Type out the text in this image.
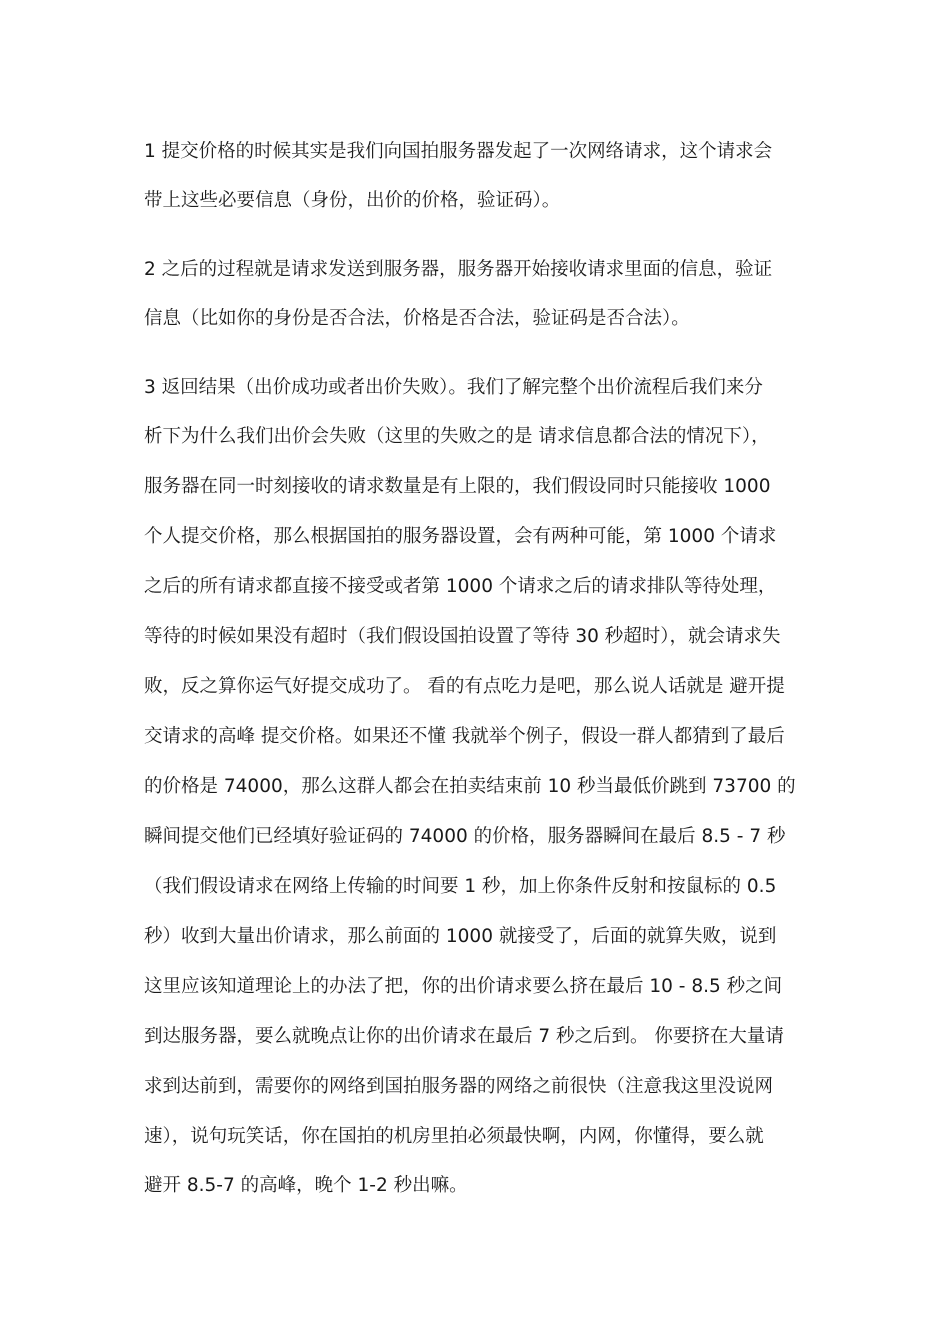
1 提交价格的时候其实是我们向国拍服务器发起了一次网络请求，这个请求会

带上这些必要信息（身份，出价的价格，验证码）。

2 之后的过程就是请求发送到服务器，服务器开始接收请求里面的信息，验证

信息（比如你的身份是否合法，价格是否合法，验证码是否合法）。

3 返回结果（出价成功或者出价失败）。我们了解完整个出价流程后我们来分

析下为什么我们出价会失败（这里的失败之的是 请求信息都合法的情况下），

服务器在同一时刻接收的请求数量是有上限的，我们假设同时只能接收 1000

个人提交价格，那么根据国拍的服务器设置，会有两种可能，第 1000 个请求

之后的所有请求都直接不接受或者第 1000 个请求之后的请求排队等待处理，

等待的时候如果没有超时（我们假设国拍设置了等待 30 秒超时），就会请求失

败，反之算你运气好提交成功了。 看的有点吃力是吧，那么说人话就是 避开提

交请求的高峰 提交价格。如果还不懂 我就举个例子，假设一群人都猜到了最后

的价格是 74000，那么这群人都会在拍卖结束前 10 秒当最低价跳到 73700 的

瞬间提交他们已经填好验证码的 74000 的价格，服务器瞬间在最后 8.5 - 7 秒

（我们假设请求在网络上传输的时间要 1 秒，加上你条件反射和按鼠标的 0.5

秒）收到大量出价请求，那么前面的 1000 就接受了，后面的就算失败，说到

这里应该知道理论上的办法了把，你的出价请求要么挤在最后 10 - 8.5 秒之间

到达服务器，要么就晚点让你的出价请求在最后 7 秒之后到。 你要挤在大量请

求到达前到，需要你的网络到国拍服务器的网络之前很快（注意我这里没说网

速），说句玩笑话，你在国拍的机房里拍必须最快啊，内网，你懂得，要么就

避开 8.5-7 的高峰，晚个 1-2 秒出嘛。
